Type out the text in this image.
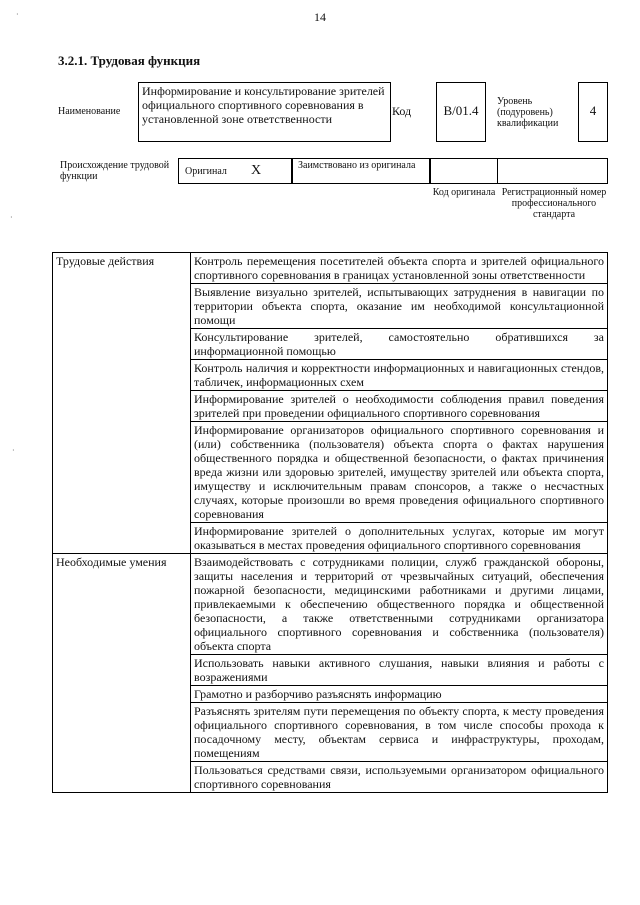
14
3.2.1. Трудовая функция
Наименование
Информирование и консультирование зрителей официального спортивного соревнования в установленной зоне ответственности
Код	B/01.4
Уровень (подуровень) квалификации
4
Происхождение трудовой функции	Оригинал X	Заимствовано из оригинала
Код оригинала Регистрационный номер профессионального стандарта
Трудовые действия	Контроль перемещения посетителей объекта спорта и зрителей официального спортивного соревнования в границах установленной зоны ответственности
	Выявление визуально зрителей, испытывающих затруднения в навигации по территории объекта спорта, оказание им необходимой консультационной помощи
	Консультирование зрителей, самостоятельно обратившихся за информационной помощью
	Контроль наличия и корректности информационных и навигационных стендов, табличек, информационных схем
	Информирование зрителей о необходимости соблюдения правил поведения зрителей при проведении официального спортивного соревнования
	Информирование организаторов официального спортивного соревнования и (или) собственника (пользователя) объекта спорта о фактах нарушения общественного порядка и общественной безопасности, о фактах причинения вреда жизни или здоровью зрителей, имуществу зрителей или объекта спорта, имуществу и исключительным правам спонсоров, а также о несчастных случаях, которые произошли во время проведения официального спортивного соревнования
	Информирование зрителей о дополнительных услугах, которые им могут оказываться в местах проведения официального спортивного соревнования
Необходимые умения	Взаимодействовать с сотрудниками полиции, служб гражданской обороны, защиты населения и территорий от чрезвычайных ситуаций, обеспечения пожарной безопасности, медицинскими работниками и другими лицами, привлекаемыми к обеспечению общественного порядка и общественной безопасности, а также ответственными сотрудниками организатора официального спортивного соревнования и собственника (пользователя) объекта спорта
	Использовать навыки активного слушания, навыки влияния и работы с возражениями
	Грамотно и разборчиво разъяснять информацию
	Разъяснять зрителям пути перемещения по объекту спорта, к месту проведения официального спортивного соревнования, в том числе способы прохода к посадочному месту, объектам сервиса и инфраструктуры, проходам, помещениям
	Пользоваться средствами связи, используемыми организатором официального спортивного соревнования
·
·
·
